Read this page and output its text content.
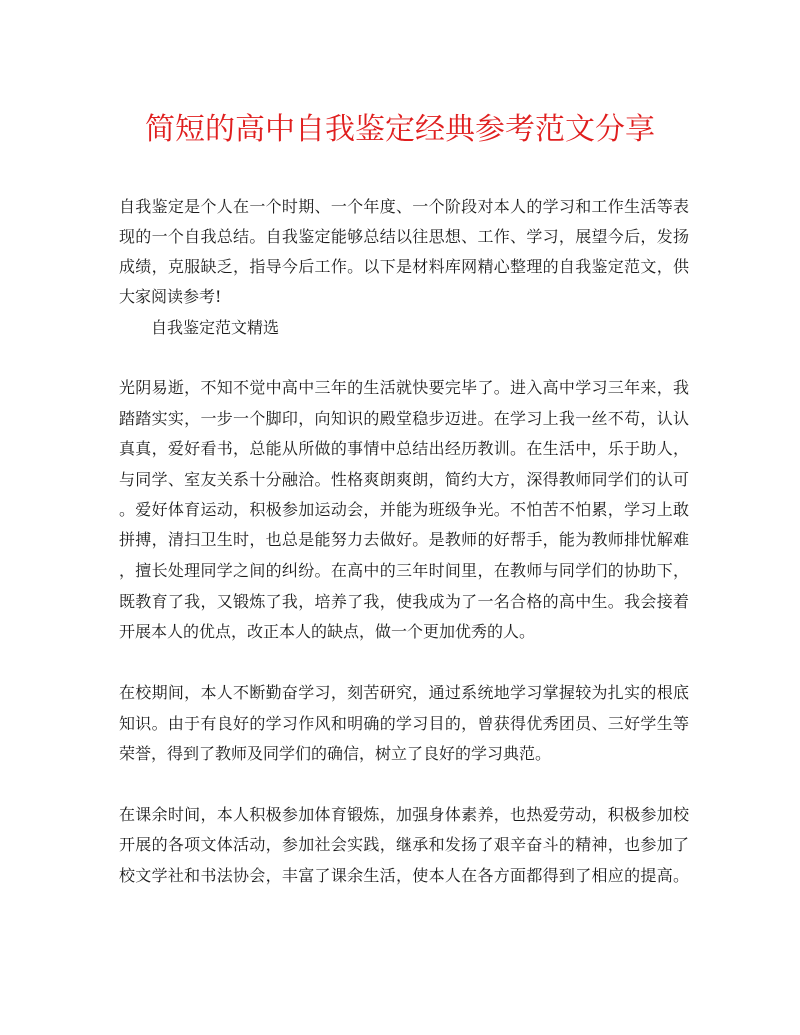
简短的高中自我鉴定经典参考范文分享
自我鉴定是个人在一个时期、一个年度、一个阶段对本人的学习和工作生活等表
现的一个自我总结。自我鉴定能够总结以往思想、工作、学习，展望今后，发扬
成绩，克服缺乏，指导今后工作。以下是材料库网精心整理的自我鉴定范文，供
大家阅读参考!
自我鉴定范文精选
光阴易逝，不知不觉中高中三年的生活就快要完毕了。进入高中学习三年来，我
踏踏实实，一步一个脚印，向知识的殿堂稳步迈进。在学习上我一丝不苟，认认
真真，爱好看书，总能从所做的事情中总结出经历教训。在生活中，乐于助人，
与同学、室友关系十分融洽。性格爽朗爽朗，简约大方，深得教师同学们的认可
。爱好体育运动，积极参加运动会，并能为班级争光。不怕苦不怕累，学习上敢
拼搏，清扫卫生时，也总是能努力去做好。是教师的好帮手，能为教师排忧解难
，擅长处理同学之间的纠纷。在高中的三年时间里，在教师与同学们的协助下，
既教育了我，又锻炼了我，培养了我，使我成为了一名合格的高中生。我会接着
开展本人的优点，改正本人的缺点，做一个更加优秀的人。
在校期间，本人不断勤奋学习，刻苦研究，通过系统地学习掌握较为扎实的根底
知识。由于有良好的学习作风和明确的学习目的，曾获得优秀团员、三好学生等
荣誉，得到了教师及同学们的确信，树立了良好的学习典范。
在课余时间，本人积极参加体育锻炼，加强身体素养，也热爱劳动，积极参加校
开展的各项文体活动，参加社会实践，继承和发扬了艰辛奋斗的精神，也参加了
校文学社和书法协会，丰富了课余生活，使本人在各方面都得到了相应的提高。
